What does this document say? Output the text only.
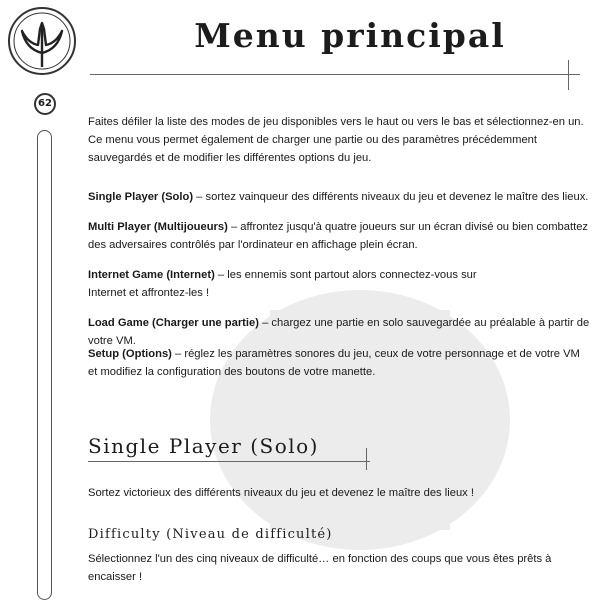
Menu principal
62
Faites défiler la liste des modes de jeu disponibles vers le haut ou vers le bas et sélectionnez-en un. Ce menu vous permet également de charger une partie ou des paramètres précédemment sauvegardés et de modifier les différentes options du jeu.
Single Player (Solo) – sortez vainqueur des différents niveaux du jeu et devenez le maître des lieux.
Multi Player (Multijoueurs) – affrontez jusqu'à quatre joueurs sur un écran divisé ou bien combattez des adversaires contrôlés par l'ordinateur en affichage plein écran.
Internet Game (Internet) – les ennemis sont partout alors connectez-vous sur Internet et affrontez-les !
Load Game (Charger une partie) – chargez une partie en solo sauvegardée au préalable à partir de votre VM.
Setup (Options) – réglez les paramètres sonores du jeu, ceux de votre personnage et de votre VM et modifiez la configuration des boutons de votre manette.
Single Player (Solo)
Sortez victorieux des différents niveaux du jeu et devenez le maître des lieux !
Difficulty (Niveau de difficulté)
Sélectionnez l'un des cinq niveaux de difficulté… en fonction des coups que vous êtes prêts à encaisser !
